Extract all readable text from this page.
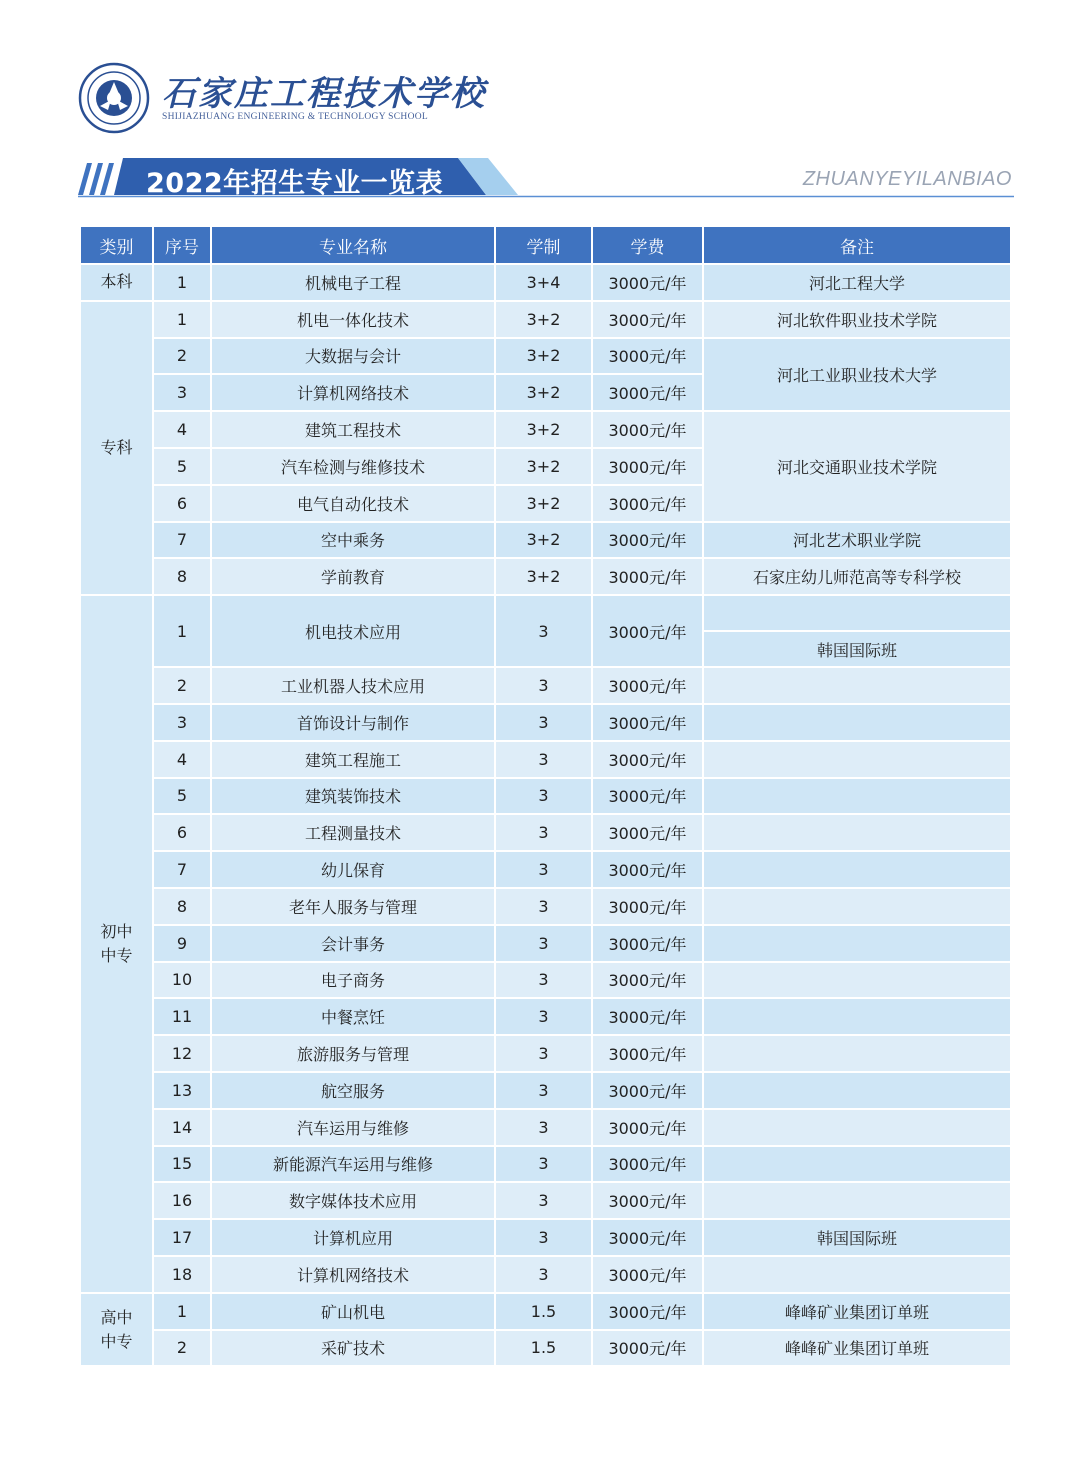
石家庄工程技术学校
SHIJIAZHUANG ENGINEERING & TECHNOLOGY SCHOOL
2022年招生专业一览表	ZHUANYEYILANBIAO
类别	序号	专业名称	学制	学费	备注
本科	1	机械电子工程	3+4	3000元/年	河北工程大学
专科	1	机电一体化技术	3+2	3000元/年	河北软件职业技术学院
	2	大数据与会计	3+2	3000元/年	河北工业职业技术大学
	3	计算机网络技术	3+2	3000元/年	
	4	建筑工程技术	3+2	3000元/年	河北交通职业技术学院
	5	汽车检测与维修技术	3+2	3000元/年	
	6	电气自动化技术	3+2	3000元/年	
	7	空中乘务	3+2	3000元/年	河北艺术职业学院
	8	学前教育	3+2	3000元/年	石家庄幼儿师范高等专科学校
初中
中专	1	机电技术应用	3	3000元/年	韩国国际班

	2	工业机器人技术应用	3	3000元/年	
	3	首饰设计与制作	3	3000元/年	
	4	建筑工程施工	3	3000元/年	
	5	建筑装饰技术	3	3000元/年	
	6	工程测量技术	3	3000元/年	
	7	幼儿保育	3	3000元/年	
	8	老年人服务与管理	3	3000元/年	
	9	会计事务	3	3000元/年	
	10	电子商务	3	3000元/年	
	11	中餐烹饪	3	3000元/年	
	12	旅游服务与管理	3	3000元/年	
	13	航空服务	3	3000元/年	
	14	汽车运用与维修	3	3000元/年	
	15	新能源汽车运用与维修	3	3000元/年	
	16	数字媒体技术应用	3	3000元/年	
	17	计算机应用	3	3000元/年	韩国国际班
	18	计算机网络技术	3	3000元/年	
高中
中专	1	矿山机电	1.5	3000元/年	峰峰矿业集团订单班
	2	采矿技术	1.5	3000元/年	峰峰矿业集团订单班
